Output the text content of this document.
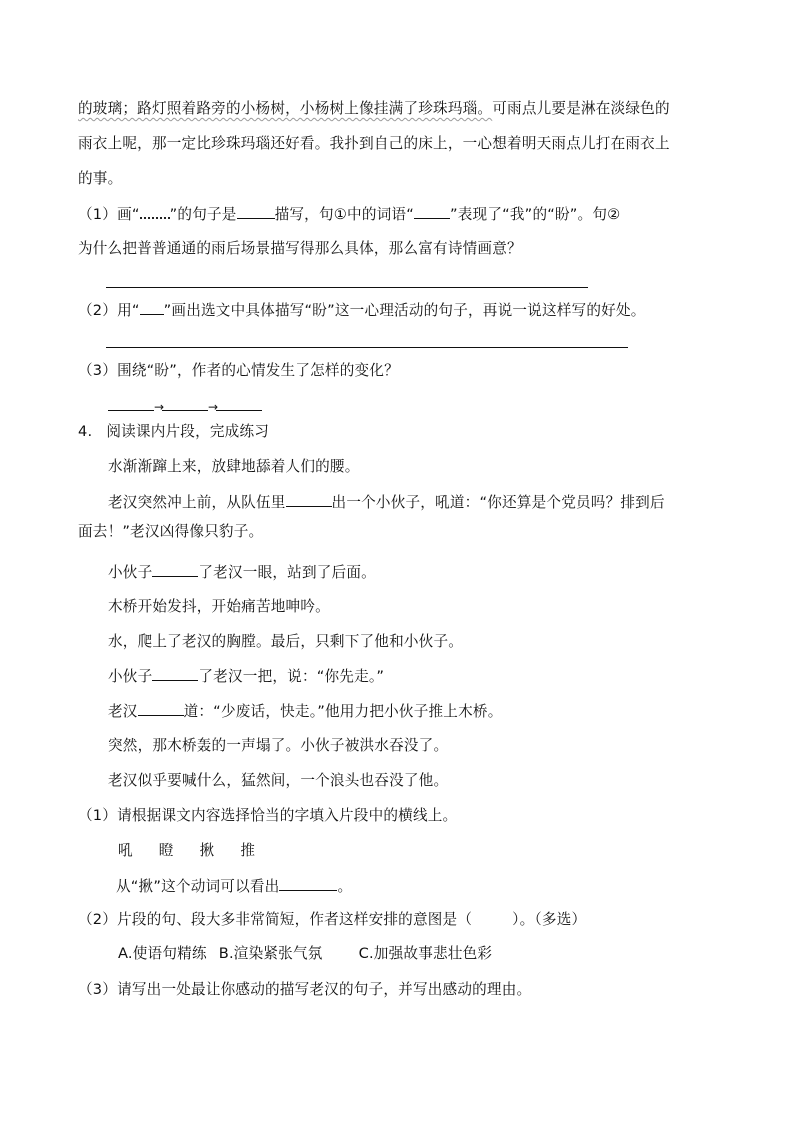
的玻璃；路灯照着路旁的小杨树，小杨树上像挂满了珍珠玛瑙。可雨点儿要是淋在淡绿色的
雨衣上呢，那一定比珍珠玛瑙还好看。我扑到自己的床上，一心想着明天雨点儿打在雨衣上
的事。
（1）画“ ”的句子是	描写，句①中的词语“ ”表现了“我”的“盼”。句②
为什么把普普通通的雨后场景描写得那么具体，那么富有诗情画意？
（2）用“ ”画出选文中具体描写“盼”这一心理活动的句子，再说一说这样写的好处。
（3）围绕“盼”，作者的心情发生了怎样的变化？
→	→
4. 阅读课内片段，完成练习
水渐渐蹿上来，放肆地舔着人们的腰。
老汉突然冲上前，从队伍里	出一个小伙子，吼道：“你还算是个党员吗？排到后
面去！”老汉凶得像只豹子。
小伙子	了老汉一眼，站到了后面。
木桥开始发抖，开始痛苦地呻吟。
水，爬上了老汉的胸膛。最后，只剩下了他和小伙子。
小伙子	了老汉一把，说：“你先走。”
老汉	道：“少废话，快走。”他用力把小伙子推上木桥。
突然，那木桥轰的一声塌了。小伙子被洪水吞没了。
老汉似乎要喊什么，猛然间，一个浪头也吞没了他。
（1）请根据课文内容选择恰当的字填入片段中的横线上。
吼 瞪 揪 推
从“揪”这个动词可以看出	。
（2）片段的句、段大多非常简短，作者这样安排的意图是（	）。（多选）
A.使语句精练 B.渲染紧张气氛 C.加强故事悲壮色彩
（3）请写出一处最让你感动的描写老汉的句子，并写出感动的理由。
